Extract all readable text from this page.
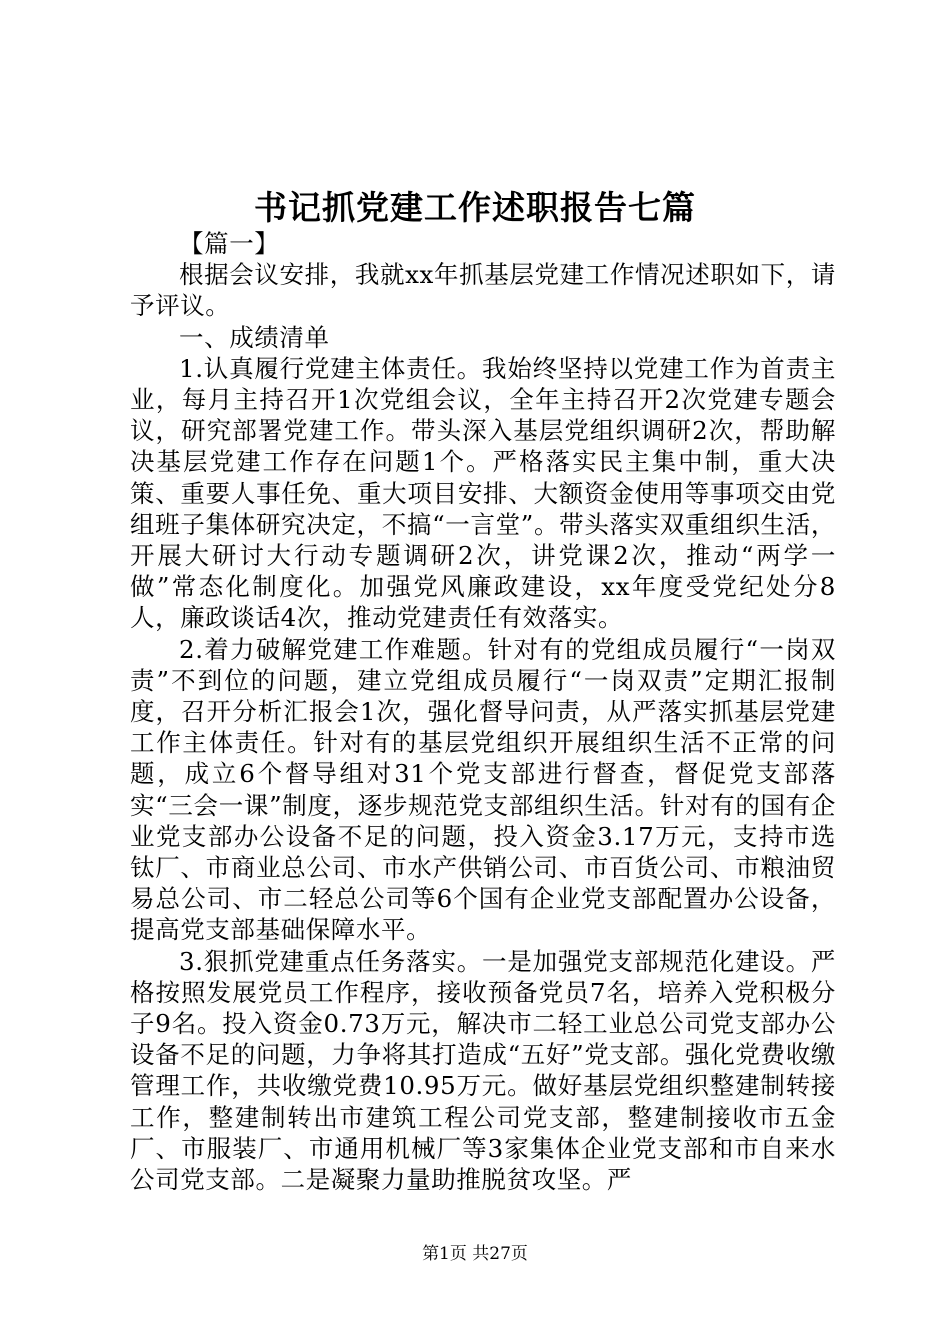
书记抓党建工作述职报告七篇

【篇一】

根据会议安排，我就xx年抓基层党建工作情况述职如下，请予评议。

一、成绩清单

1.认真履行党建主体责任。我始终坚持以党建工作为首责主业，每月主持召开1次党组会议，全年主持召开2次党建专题会议，研究部署党建工作。带头深入基层党组织调研2次，帮助解决基层党建工作存在问题1个。严格落实民主集中制，重大决策、重要人事任免、重大项目安排、大额资金使用等事项交由党组班子集体研究决定，不搞“一言堂”。带头落实双重组织生活，开展大研讨大行动专题调研2次，讲党课2次，推动“两学一做”常态化制度化。加强党风廉政建设，xx年度受党纪处分8人，廉政谈话4次，推动党建责任有效落实。

2.着力破解党建工作难题。针对有的党组成员履行“一岗双责”不到位的问题，建立党组成员履行“一岗双责”定期汇报制度，召开分析汇报会1次，强化督导问责，从严落实抓基层党建工作主体责任。针对有的基层党组织开展组织生活不正常的问题，成立6个督导组对31个党支部进行督查，督促党支部落实“三会一课”制度，逐步规范党支部组织生活。针对有的国有企业党支部办公设备不足的问题，投入资金3.17万元，支持市选钛厂、市商业总公司、市水产供销公司、市百货公司、市粮油贸易总公司、市二轻总公司等6个国有企业党支部配置办公设备，提高党支部基础保障水平。

3.狠抓党建重点任务落实。一是加强党支部规范化建设。严格按照发展党员工作程序，接收预备党员7名，培养入党积极分子9名。投入资金0.73万元，解决市二轻工业总公司党支部办公设备不足的问题，力争将其打造成“五好”党支部。强化党费收缴管理工作，共收缴党费10.95万元。做好基层党组织整建制转接工作，整建制转出市建筑工程公司党支部，整建制接收市五金厂、市服装厂、市通用机械厂等3家集体企业党支部和市自来水公司党支部。二是凝聚力量助推脱贫攻坚。严

第1页 共27页
